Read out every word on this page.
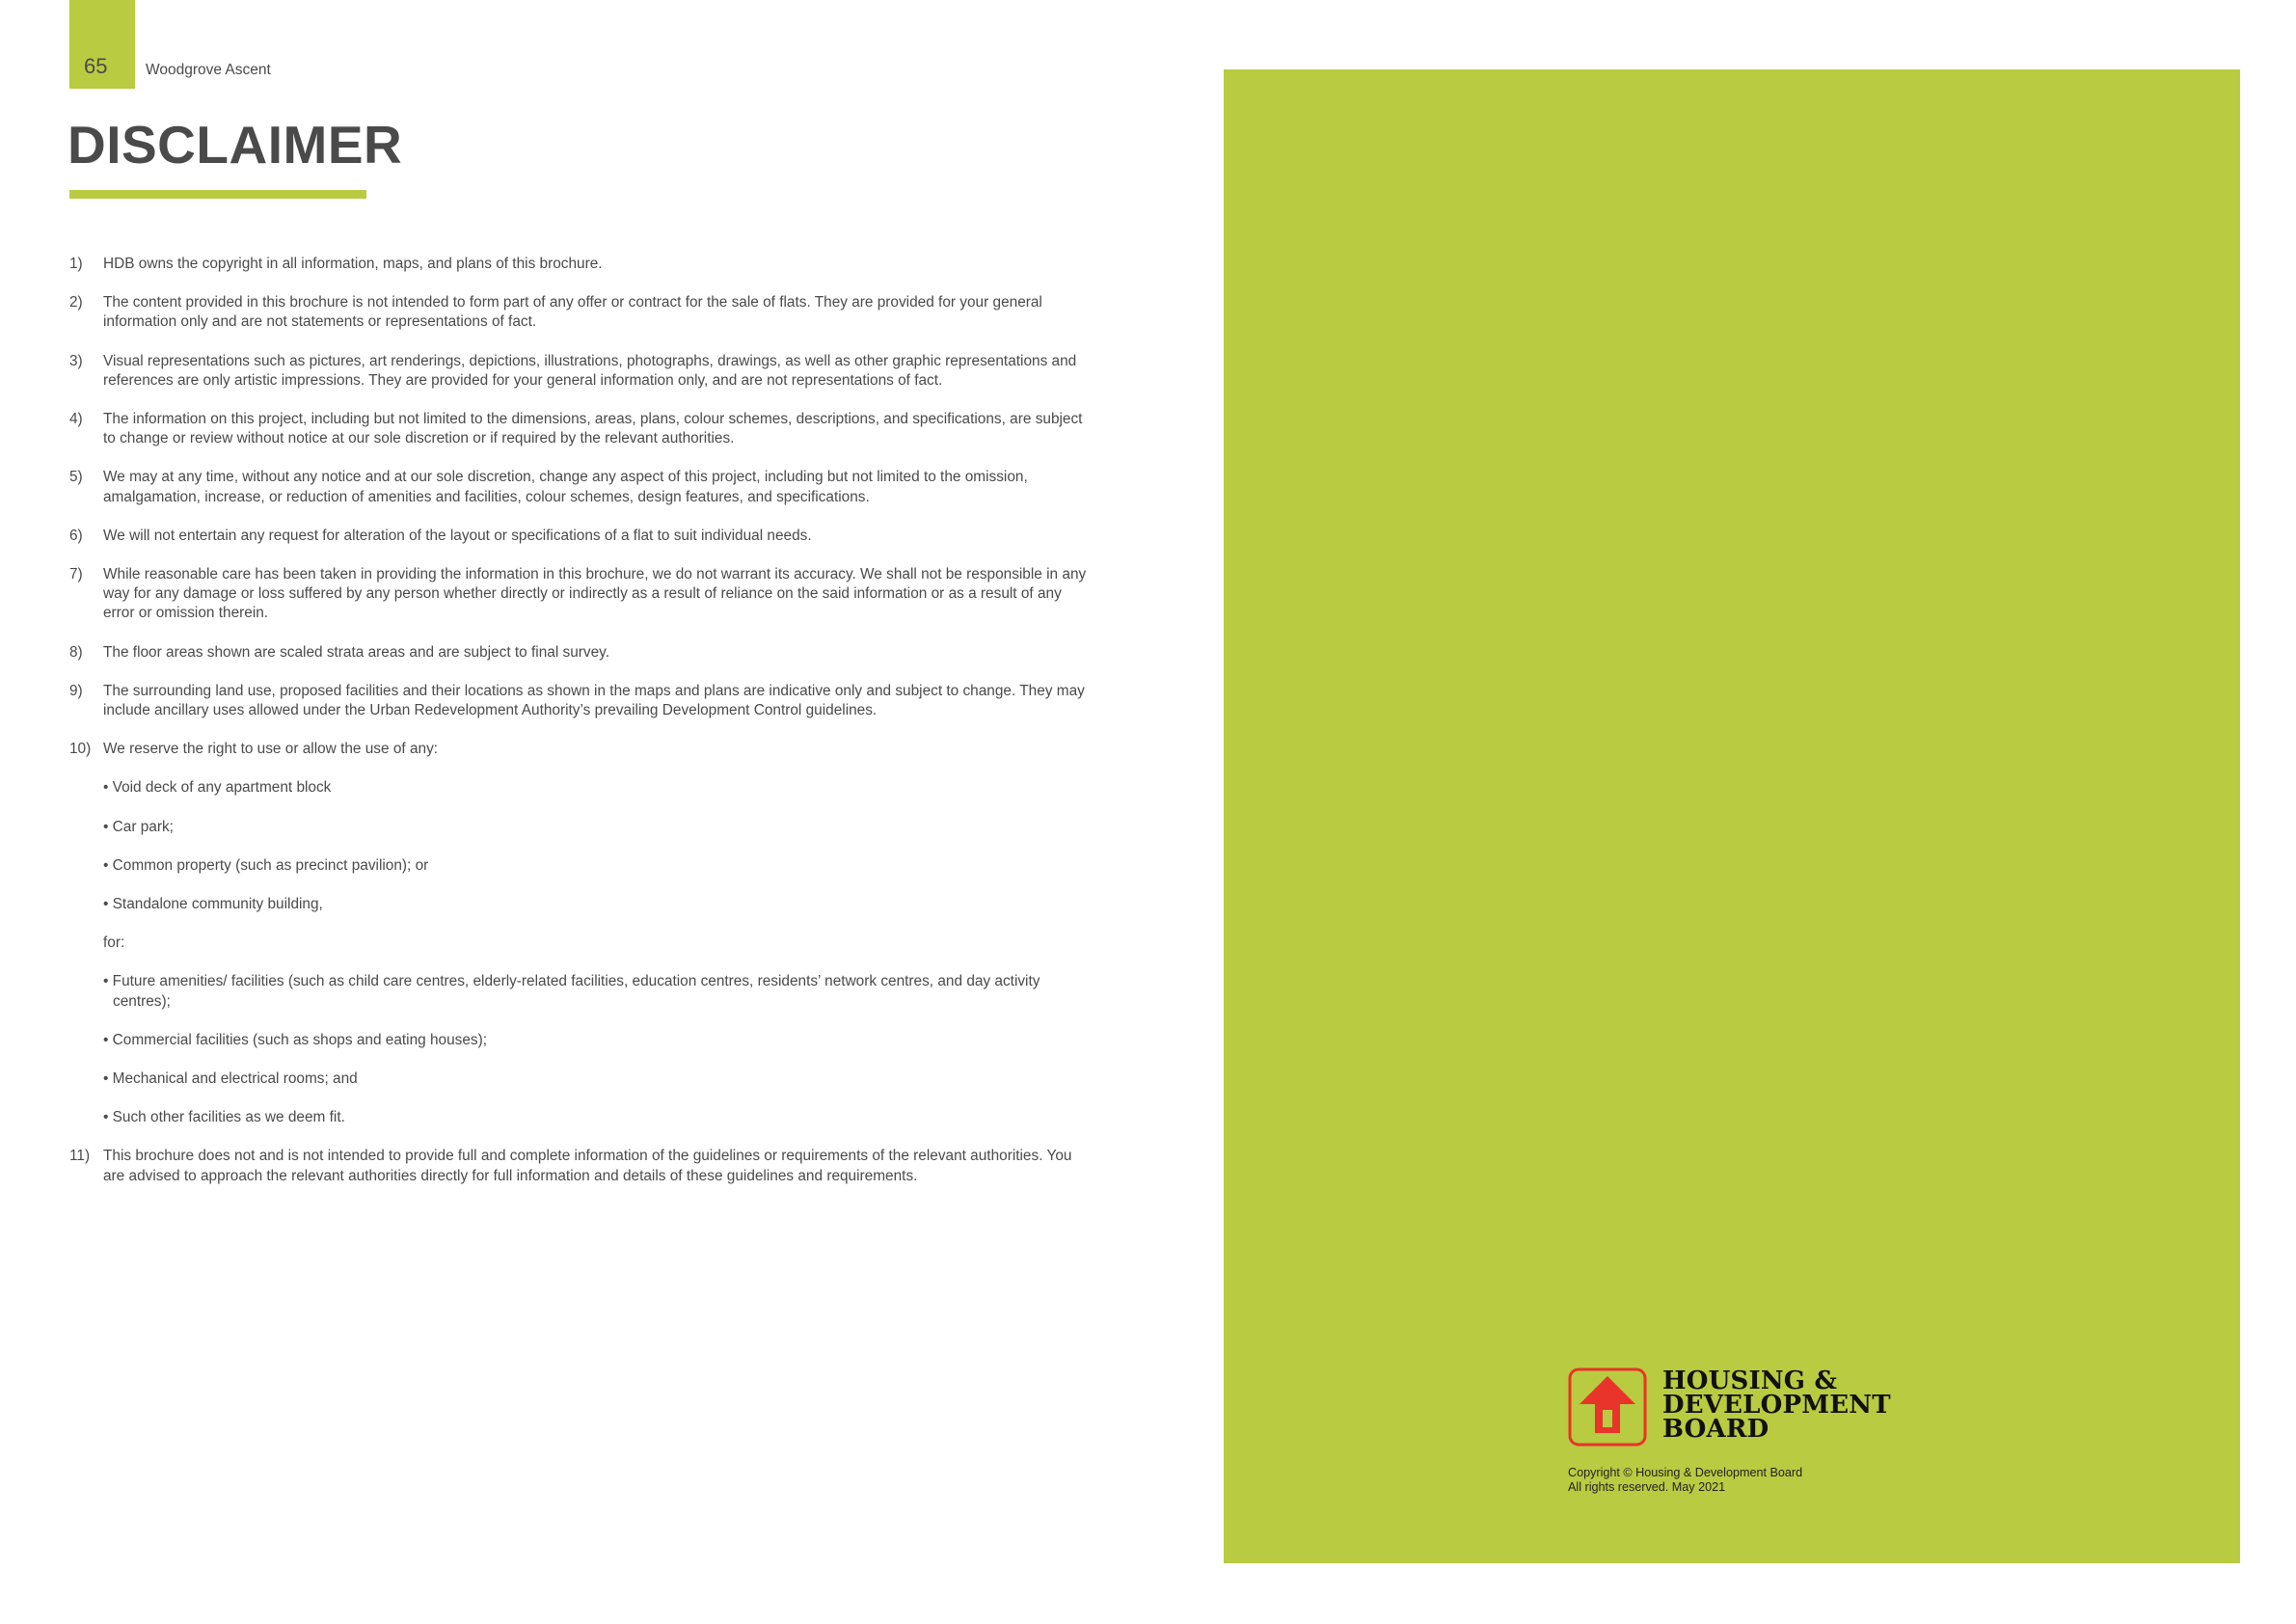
65	Woodgrove Ascent
DISCLAIMER
1) HDB owns the copyright in all information, maps, and plans of this brochure.
2) The content provided in this brochure is not intended to form part of any offer or contract for the sale of flats. They are provided for your general information only and are not statements or representations of fact.
3) Visual representations such as pictures, art renderings, depictions, illustrations, photographs, drawings, as well as other graphic representations and references are only artistic impressions. They are provided for your general information only, and are not representations of fact.
4) The information on this project, including but not limited to the dimensions, areas, plans, colour schemes, descriptions, and specifications, are subject to change or review without notice at our sole discretion or if required by the relevant authorities.
5) We may at any time, without any notice and at our sole discretion, change any aspect of this project, including but not limited to the omission, amalgamation, increase, or reduction of amenities and facilities, colour schemes, design features, and specifications.
6) We will not entertain any request for alteration of the layout or specifications of a flat to suit individual needs.
7) While reasonable care has been taken in providing the information in this brochure, we do not warrant its accuracy. We shall not be responsible in any way for any damage or loss suffered by any person whether directly or indirectly as a result of reliance on the said information or as a result of any error or omission therein.
8) The floor areas shown are scaled strata areas and are subject to final survey.
9) The surrounding land use, proposed facilities and their locations as shown in the maps and plans are indicative only and subject to change. They may include ancillary uses allowed under the Urban Redevelopment Authority’s prevailing Development Control guidelines.
10) We reserve the right to use or allow the use of any:
• Void deck of any apartment block
• Car park;
• Common property (such as precinct pavilion); or
• Standalone community building,
for:
• Future amenities/ facilities (such as child care centres, elderly-related facilities, education centres, residents’ network centres, and day activity centres);
• Commercial facilities (such as shops and eating houses);
• Mechanical and electrical rooms; and
• Such other facilities as we deem fit.
11) This brochure does not and is not intended to provide full and complete information of the guidelines or requirements of the relevant authorities. You are advised to approach the relevant authorities directly for full information and details of these guidelines and requirements.
HOUSING &
DEVELOPMENT
BOARD
Copyright © Housing & Development Board
All rights reserved. May 2021
